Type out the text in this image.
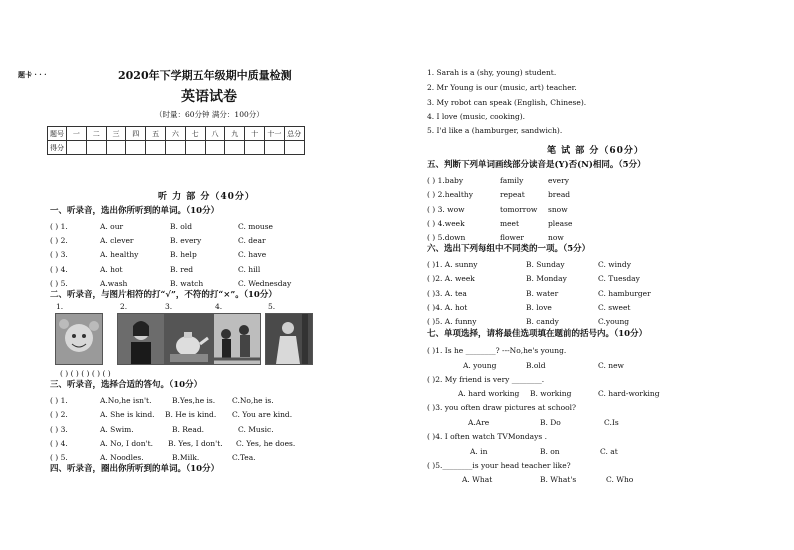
题卡 · · ·	2020年下学期五年级期中质量检测
英语试卷
（时量：60分钟 满分：100分）
题号	一	二	三	四	五	六	七	八	九	十	十一	总分
得分												
听 力 部 分（40分）
一、听录音，选出你所听到的单词。（10分）
( ) 1.	A. our	B. old	C. mouse
( ) 2.	A. clever	B. every	C. dear
( ) 3.	A. healthy	B. help	C. have
( ) 4.	A. hot	B. red	C. hill
( ) 5.	A.wash	B. watch	C. Wednesday
二、听录音，与图片相符的打“√”，不符的打“×”。（10分）
1.	2.	3.	4.	5.
( ) ( ) ( ) ( ) ( )
三、听录音，选择合适的答句。（10分）
( ) 1.	A.No,he isn't.	B.Yes,he is. C.No,he is.
( ) 2.	A. She is kind. B. He is kind. C. You are kind.
( ) 3.	A. Swim.	B. Read.	C. Music.
( ) 4.	A. No, I don't. B. Yes, I don't. C. Yes, he does.
( ) 5.	A. Noodles.	B.Milk.	C.Tea.
四、听录音，圈出你所听到的单词。（10分）
1. Sarah is a (shy, young) student.
2. Mr Young is our (music, art) teacher.
3. My robot can speak (English, Chinese).
4. I love (music, cooking).
5. I'd like a (hamburger, sandwich).
笔 试 部 分（60分）
五、判断下列单词画线部分读音是(Y)否(N)相同。（5分）
( ) 1.baby	family	every
( ) 2.healthy	repeat	bread
( ) 3. wow	tomorrow snow
( ) 4.week	meet	please
( ) 5.down	flower	now
六、选出下列每组中不同类的一项。（5分）
( )1. A. sunny	B. Sunday	C. windy
( )2. A. week	B. Monday	C. Tuesday
( )3. A. tea	B. water	C. hamburger
( )4. A. hot	B. love	C. sweet
( )5. A. funny	B. candy	C.young
七、单项选择，请将最佳选项填在题前的括号内。（10分）
( )1. Is he ________? ---No,he's young.
A. young	B.old	C. new
( )2. My friend is very ________.
A. hard working B. working	C. hard-working
( )3. you often draw pictures at school?
A.Are	B. Do	C.Is
( )4. I often watch TVMondays .
A. in	B. on	C. at
( )5.________is your head teacher like?
A. What	B. What's	C. Who
